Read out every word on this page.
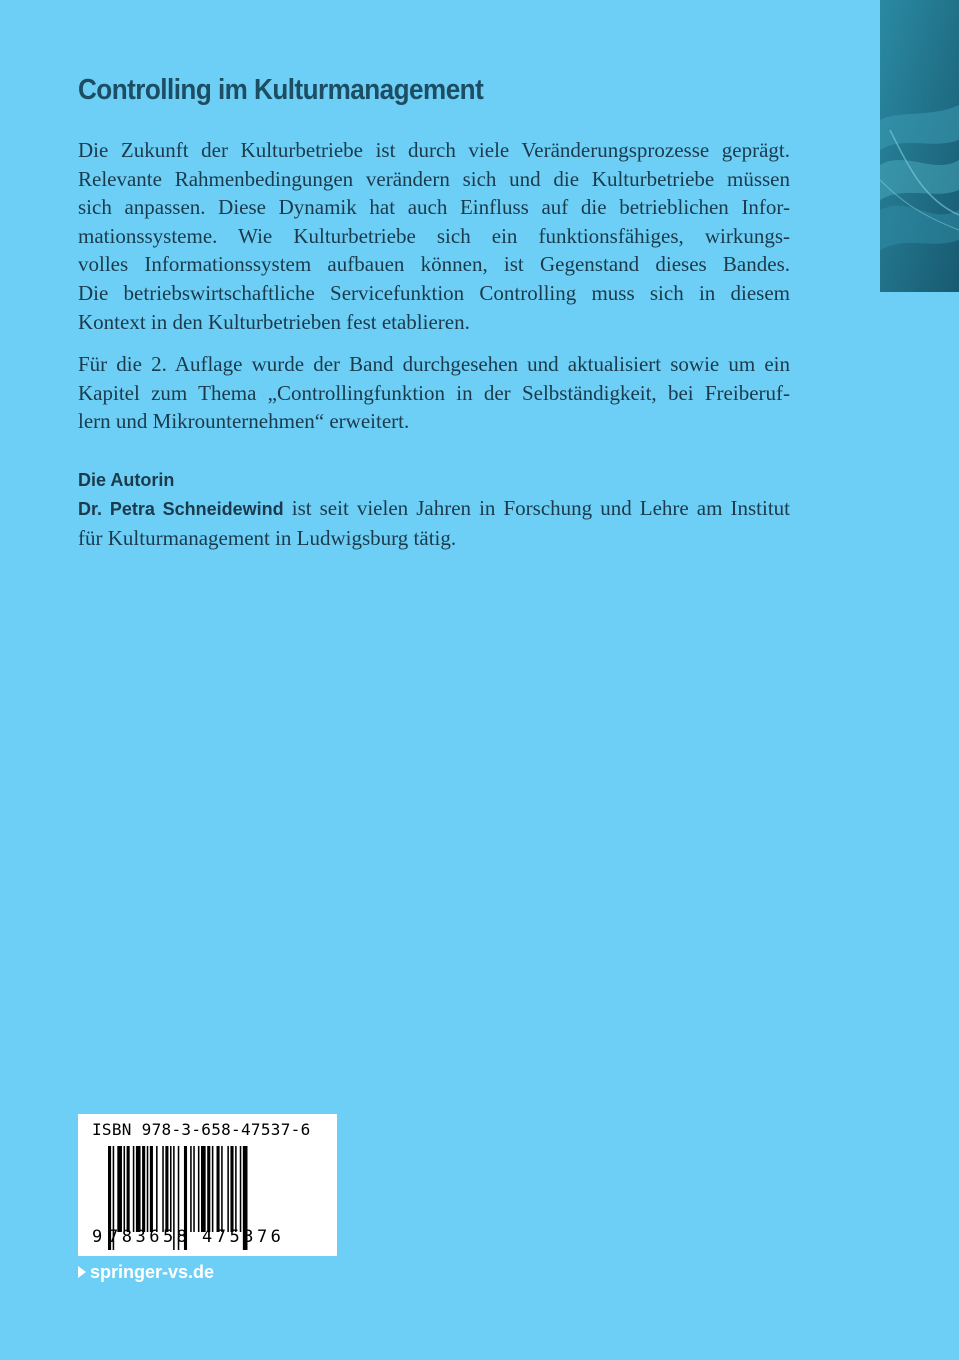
Controlling im Kulturmanagement
Die Zukunft der Kulturbetriebe ist durch viele Veränderungsprozesse geprägt.
Relevante Rahmenbedingungen verändern sich und die Kulturbetriebe müssen
sich anpassen. Diese Dynamik hat auch Einfluss auf die betrieblichen Infor-
mationssysteme. Wie Kulturbetriebe sich ein funktionsfähiges, wirkungs-
volles Informationssystem aufbauen können, ist Gegenstand dieses Bandes.
Die betriebswirtschaftliche Servicefunktion Controlling muss sich in diesem
Kontext in den Kulturbetrieben fest etablieren.
Für die 2. Auflage wurde der Band durchgesehen und aktualisiert sowie um ein
Kapitel zum Thema „Controllingfunktion in der Selbständigkeit, bei Freiberuf-
lern und Mikrounternehmen“ erweitert.
Die Autorin
Dr. Petra Schneidewind ist seit vielen Jahren in Forschung und Lehre am Institut
für Kulturmanagement in Ludwigsburg tätig.
ISBN 978-3-658-47537-6
9 783658 475376
springer-vs.de
